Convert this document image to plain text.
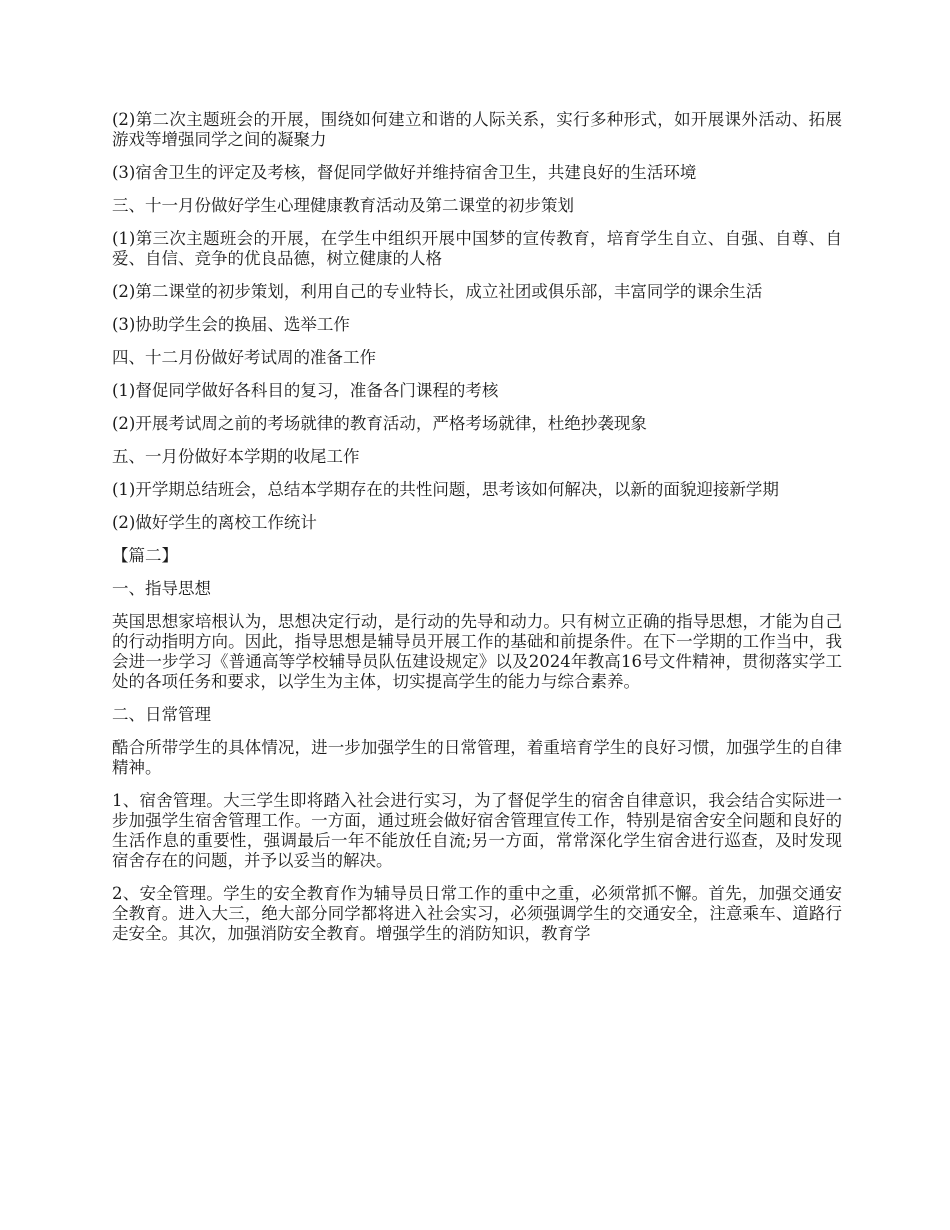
(2)第二次主题班会的开展，围绕如何建立和谐的人际关系，实行多种形式，如开展课外活动、拓展游戏等增强同学之间的凝聚力

(3)宿舍卫生的评定及考核，督促同学做好并维持宿舍卫生，共建良好的生活环境

三、十一月份做好学生心理健康教育活动及第二课堂的初步策划

(1)第三次主题班会的开展，在学生中组织开展中国梦的宣传教育，培育学生自立、自强、自尊、自爱、自信、竞争的优良品德，树立健康的人格

(2)第二课堂的初步策划，利用自己的专业特长，成立社团或俱乐部，丰富同学的课余生活

(3)协助学生会的换届、选举工作

四、十二月份做好考试周的准备工作

(1)督促同学做好各科目的复习，准备各门课程的考核

(2)开展考试周之前的考场就律的教育活动，严格考场就律，杜绝抄袭现象

五、一月份做好本学期的收尾工作

(1)开学期总结班会，总结本学期存在的共性问题，思考该如何解决，以新的面貌迎接新学期

(2)做好学生的离校工作统计

【篇二】

一、指导思想

英国思想家培根认为，思想决定行动，是行动的先导和动力。只有树立正确的指导思想，才能为自己的行动指明方向。因此，指导思想是辅导员开展工作的基础和前提条件。在下一学期的工作当中，我会进一步学习《普通高等学校辅导员队伍建设规定》以及2024年教高16号文件精神，贯彻落实学工处的各项任务和要求，以学生为主体，切实提高学生的能力与综合素养。

二、日常管理

酷合所带学生的具体情况，进一步加强学生的日常管理，着重培育学生的良好习惯，加强学生的自律精神。

1、宿舍管理。大三学生即将踏入社会进行实习，为了督促学生的宿舍自律意识，我会结合实际进一步加强学生宿舍管理工作。一方面，通过班会做好宿舍管理宣传工作，特别是宿舍安全问题和良好的生活作息的重要性，强调最后一年不能放任自流;另一方面，常常深化学生宿舍进行巡查，及时发现宿舍存在的问题，并予以妥当的解决。

2、安全管理。学生的安全教育作为辅导员日常工作的重中之重，必须常抓不懈。首先，加强交通安全教育。进入大三，绝大部分同学都将进入社会实习，必须强调学生的交通安全，注意乘车、道路行走安全。其次，加强消防安全教育。增强学生的消防知识，教育学
